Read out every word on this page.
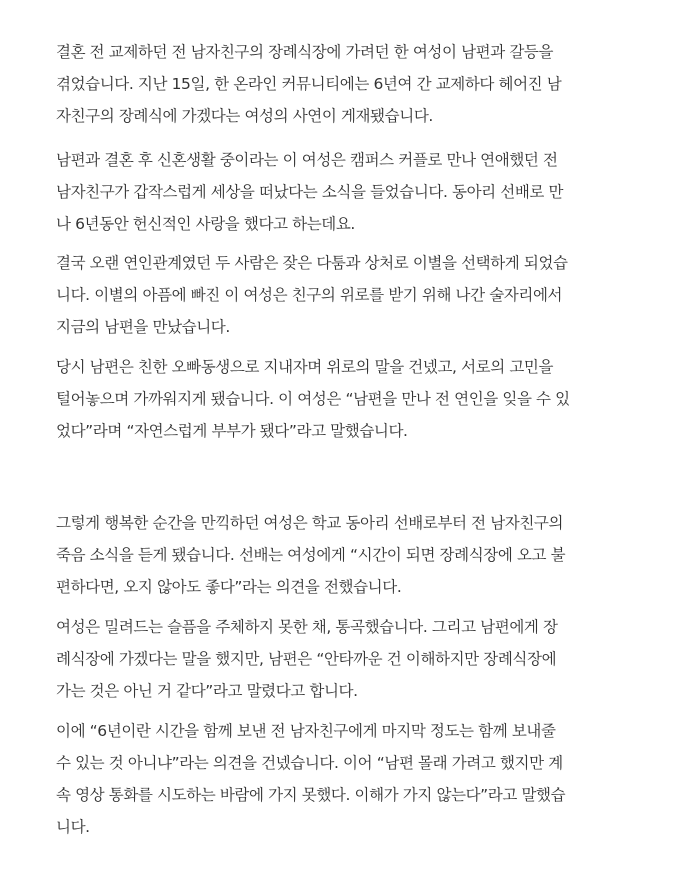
결혼 전 교제하던 전 남자친구의 장례식장에 가려던 한 여성이 남편과 갈등을
겪었습니다. 지난 15일, 한 온라인 커뮤니티에는 6년여 간 교제하다 헤어진 남
자친구의 장례식에 가겠다는 여성의 사연이 게재됐습니다.

남편과 결혼 후 신혼생활 중이라는 이 여성은 캠퍼스 커플로 만나 연애했던 전
남자친구가 갑작스럽게 세상을 떠났다는 소식을 들었습니다. 동아리 선배로 만
나 6년동안 헌신적인 사랑을 했다고 하는데요.

결국 오랜 연인관계였던 두 사람은 잦은 다툼과 상처로 이별을 선택하게 되었습
니다. 이별의 아픔에 빠진 이 여성은 친구의 위로를 받기 위해 나간 술자리에서
지금의 남편을 만났습니다.

당시 남편은 친한 오빠동생으로 지내자며 위로의 말을 건넸고, 서로의 고민을
털어놓으며 가까워지게 됐습니다. 이 여성은 “남편을 만나 전 연인을 잊을 수 있
었다”라며 “자연스럽게 부부가 됐다”라고 말했습니다.

그렇게 행복한 순간을 만끽하던 여성은 학교 동아리 선배로부터 전 남자친구의
죽음 소식을 듣게 됐습니다. 선배는 여성에게 “시간이 되면 장례식장에 오고 불
편하다면, 오지 않아도 좋다”라는 의견을 전했습니다.

여성은 밀려드는 슬픔을 주체하지 못한 채, 통곡했습니다. 그리고 남편에게 장
례식장에 가겠다는 말을 했지만, 남편은 “안타까운 건 이해하지만 장례식장에
가는 것은 아닌 거 같다”라고 말렸다고 합니다.

이에 “6년이란 시간을 함께 보낸 전 남자친구에게 마지막 정도는 함께 보내줄
수 있는 것 아니냐”라는 의견을 건넸습니다. 이어 “남편 몰래 가려고 했지만 계
속 영상 통화를 시도하는 바람에 가지 못했다. 이해가 가지 않는다”라고 말했습
니다.
